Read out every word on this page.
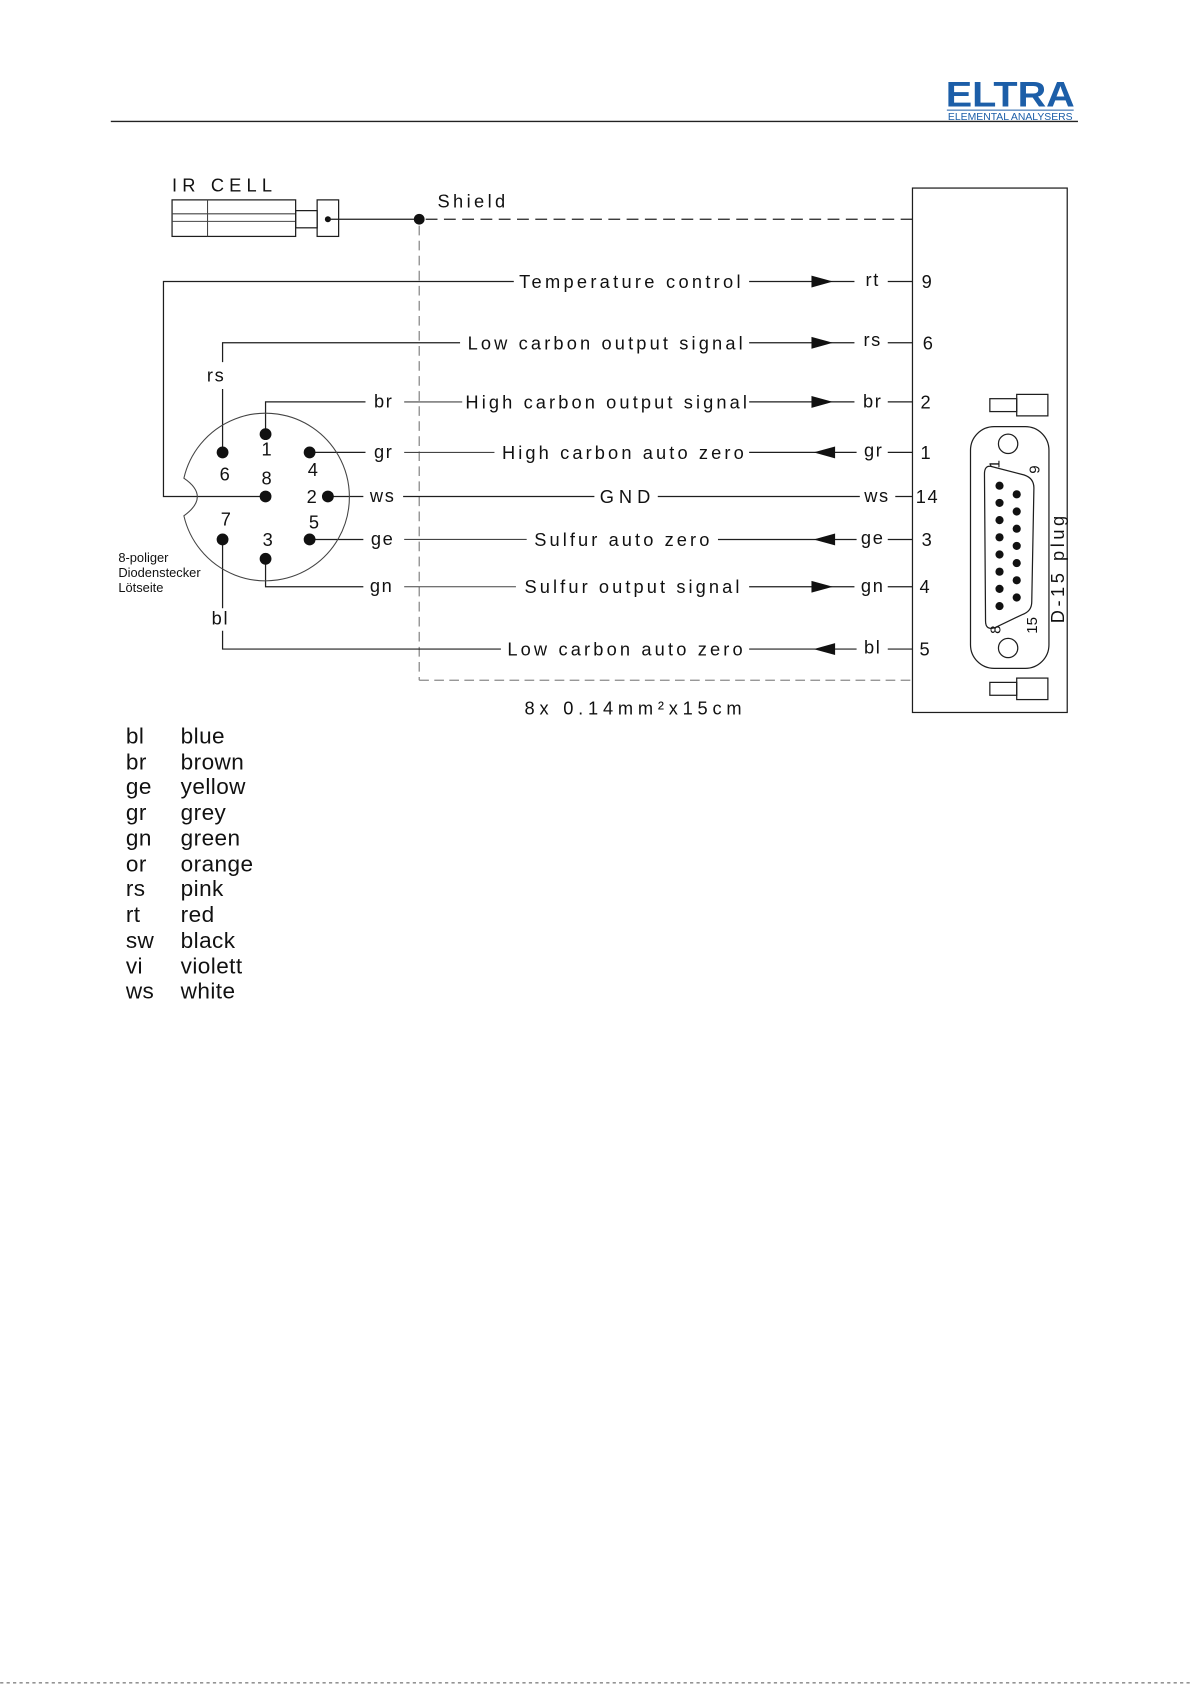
ELTRA
ELEMENTAL ANALYSERS
IR CELL
Shield
8x 0.14mm²x15cm
1
9
8 15
D-15 plug
Temperature control	rt 9
rs
Low carbon output signal	rs 6
br	High carbon output signal	br 2
gr	High carbon auto zero	gr 1
ws	GND	ws 14
ge	Sulfur auto zero	ge 3
gn	Sulfur output signal	gn 4
bl
Low carbon auto zero	bl 5
1
2
3
4
5
6
7
8
8-poliger
Diodenstecker
Lötseite
bl blue
br brown
ge yellow
gr grey
gn green
or orange
rs pink
rt red
sw black
vi violett
ws white
